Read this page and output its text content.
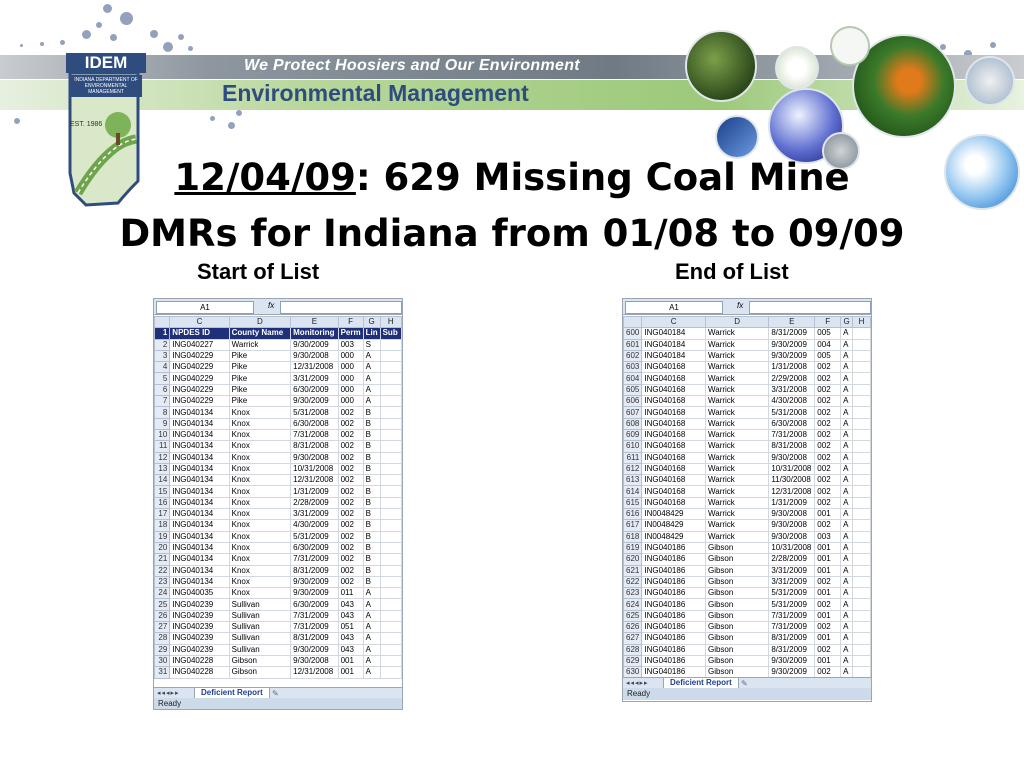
We Protect Hoosiers and Our Environment
Environmental Management
IDEM
INDIANA DEPARTMENT OF ENVIRONMENTAL MANAGEMENT
EST. 1986
12/04/09: 629 Missing Coal Mine
DMRs for Indiana from 01/08 to 09/09
Start of List	End of List
A1	fx
	C	D	E	F	G	H
1	NPDES ID	County Name	Monitoring	Perm	Lin	Sub
2	ING040227	Warrick	9/30/2009	003	S	
3	ING040229	Pike	9/30/2008	000	A	
4	ING040229	Pike	12/31/2008	000	A	
5	ING040229	Pike	3/31/2009	000	A	
6	ING040229	Pike	6/30/2009	000	A	
7	ING040229	Pike	9/30/2009	000	A	
8	ING040134	Knox	5/31/2008	002	B	
9	ING040134	Knox	6/30/2008	002	B	
10	ING040134	Knox	7/31/2008	002	B	
11	ING040134	Knox	8/31/2008	002	B	
12	ING040134	Knox	9/30/2008	002	B	
13	ING040134	Knox	10/31/2008	002	B	
14	ING040134	Knox	12/31/2008	002	B	
15	ING040134	Knox	1/31/2009	002	B	
16	ING040134	Knox	2/28/2009	002	B	
17	ING040134	Knox	3/31/2009	002	B	
18	ING040134	Knox	4/30/2009	002	B	
19	ING040134	Knox	5/31/2009	002	B	
20	ING040134	Knox	6/30/2009	002	B	
21	ING040134	Knox	7/31/2009	002	B	
22	ING040134	Knox	8/31/2009	002	B	
23	ING040134	Knox	9/30/2009	002	B	
24	ING040035	Knox	9/30/2009	011	A	
25	ING040239	Sullivan	6/30/2009	043	A	
26	ING040239	Sullivan	7/31/2009	043	A	
27	ING040239	Sullivan	7/31/2009	051	A	
28	ING040239	Sullivan	8/31/2009	043	A	
29	ING040239	Sullivan	9/30/2009	043	A	
30	ING040228	Gibson	9/30/2008	001	A	
31	ING040228	Gibson	12/31/2008	001	A	
◂◂◂▸▸	Deficient Report	✎
Ready
A1	fx
	C	D	E	F	G	H
600	ING040184	Warrick	8/31/2009	005	A	
601	ING040184	Warrick	9/30/2009	004	A	
602	ING040184	Warrick	9/30/2009	005	A	
603	ING040168	Warrick	1/31/2008	002	A	
604	ING040168	Warrick	2/29/2008	002	A	
605	ING040168	Warrick	3/31/2008	002	A	
606	ING040168	Warrick	4/30/2008	002	A	
607	ING040168	Warrick	5/31/2008	002	A	
608	ING040168	Warrick	6/30/2008	002	A	
609	ING040168	Warrick	7/31/2008	002	A	
610	ING040168	Warrick	8/31/2008	002	A	
611	ING040168	Warrick	9/30/2008	002	A	
612	ING040168	Warrick	10/31/2008	002	A	
613	ING040168	Warrick	11/30/2008	002	A	
614	ING040168	Warrick	12/31/2008	002	A	
615	ING040168	Warrick	1/31/2009	002	A	
616	IN0048429	Warrick	9/30/2008	001	A	
617	IN0048429	Warrick	9/30/2008	002	A	
618	IN0048429	Warrick	9/30/2008	003	A	
619	ING040186	Gibson	10/31/2008	001	A	
620	ING040186	Gibson	2/28/2009	001	A	
621	ING040186	Gibson	3/31/2009	001	A	
622	ING040186	Gibson	3/31/2009	002	A	
623	ING040186	Gibson	5/31/2009	001	A	
624	ING040186	Gibson	5/31/2009	002	A	
625	ING040186	Gibson	7/31/2009	001	A	
626	ING040186	Gibson	7/31/2009	002	A	
627	ING040186	Gibson	8/31/2009	001	A	
628	ING040186	Gibson	8/31/2009	002	A	
629	ING040186	Gibson	9/30/2009	001	A	
630	ING040186	Gibson	9/30/2009	002	A	
◂◂◂▸▸	Deficient Report	✎
Ready
